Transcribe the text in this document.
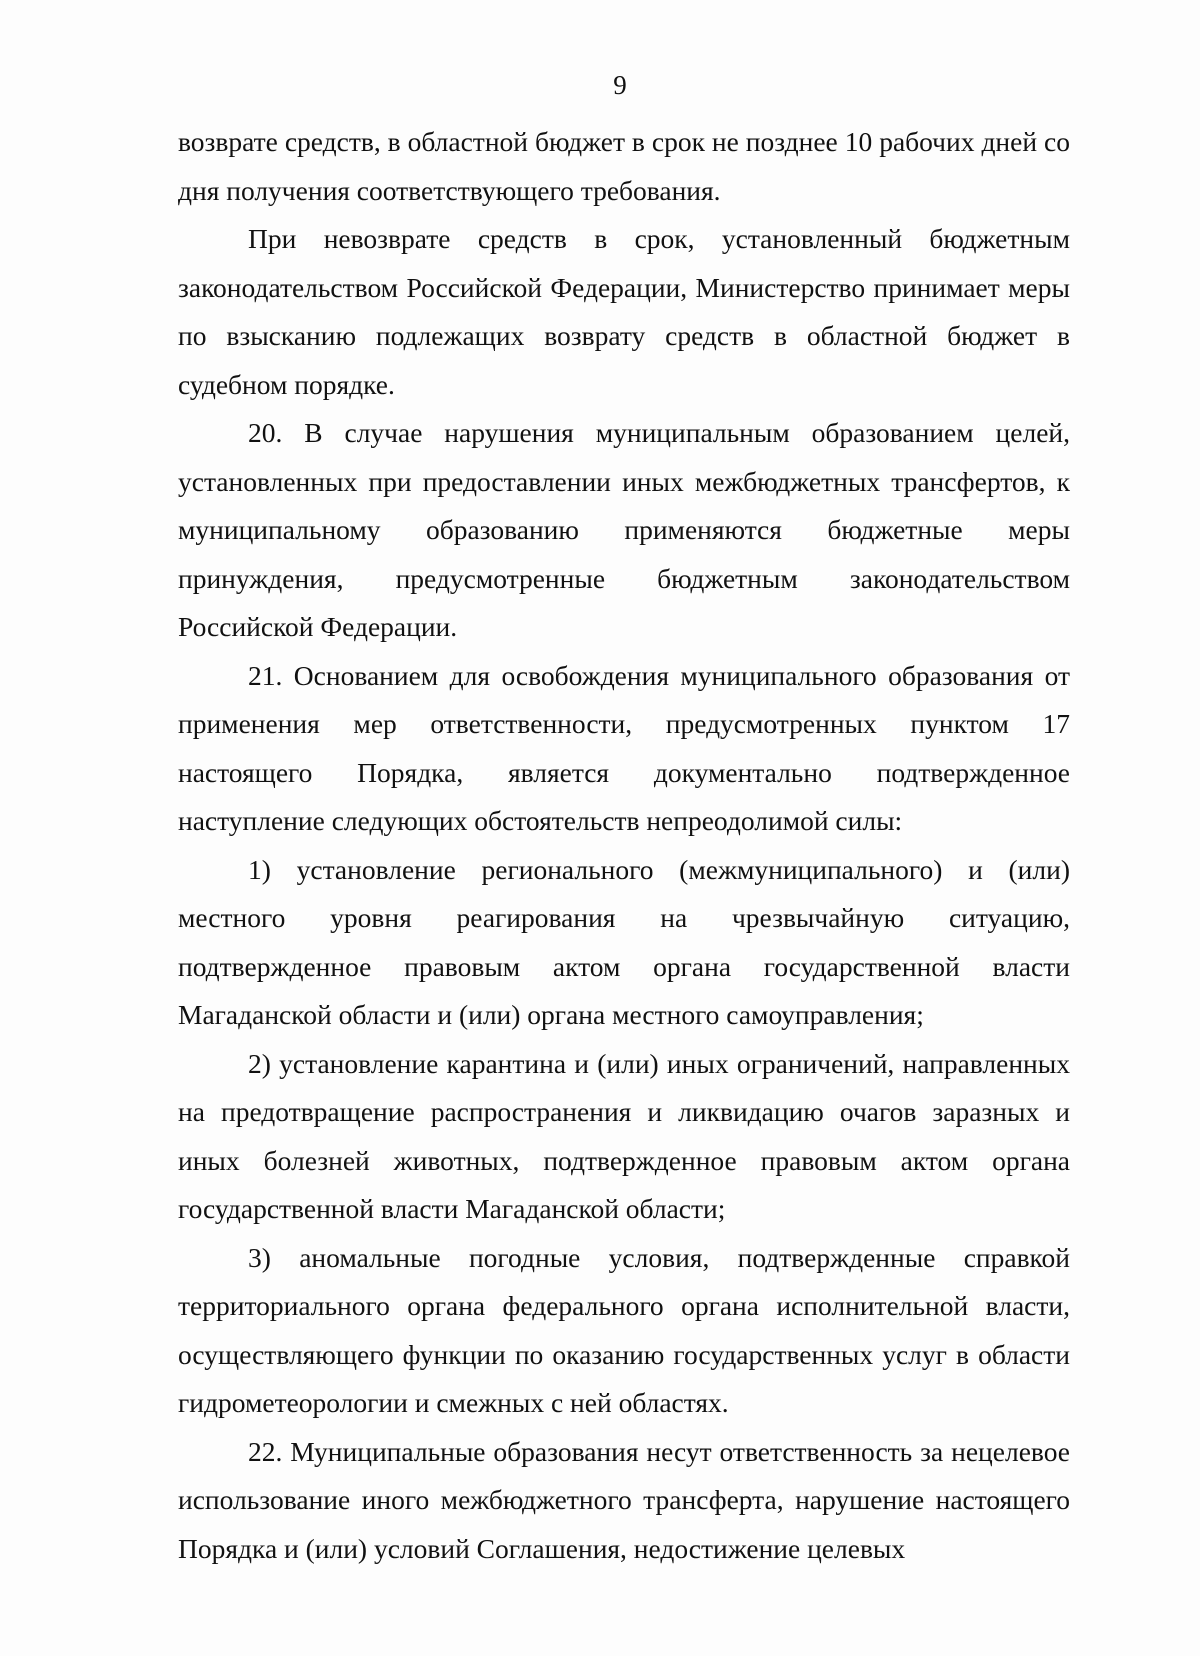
9

возврате средств, в областной бюджет в срок не позднее 10 рабочих дней со дня получения соответствующего требования.

При невозврате средств в срок, установленный бюджетным законодательством Российской Федерации, Министерство принимает меры по взысканию подлежащих возврату средств в областной бюджет в судебном порядке.

20. В случае нарушения муниципальным образованием целей, установленных при предоставлении иных межбюджетных трансфертов, к муниципальному образованию применяются бюджетные меры принуждения, предусмотренные бюджетным законодательством Российской Федерации.

21. Основанием для освобождения муниципального образования от применения мер ответственности, предусмотренных пунктом 17 настоящего Порядка, является документально подтвержденное наступление следующих обстоятельств непреодолимой силы:

1) установление регионального (межмуниципального) и (или) местного уровня реагирования на чрезвычайную ситуацию, подтвержденное правовым актом органа государственной власти Магаданской области и (или) органа местного самоуправления;

2) установление карантина и (или) иных ограничений, направленных на предотвращение распространения и ликвидацию очагов заразных и иных болезней животных, подтвержденное правовым актом органа государственной власти Магаданской области;

3) аномальные погодные условия, подтвержденные справкой территориального органа федерального органа исполнительной власти, осуществляющего функции по оказанию государственных услуг в области гидрометеорологии и смежных с ней областях.

22. Муниципальные образования несут ответственность за нецелевое использование иного межбюджетного трансферта, нарушение настоящего Порядка и (или) условий Соглашения, недостижение целевых
